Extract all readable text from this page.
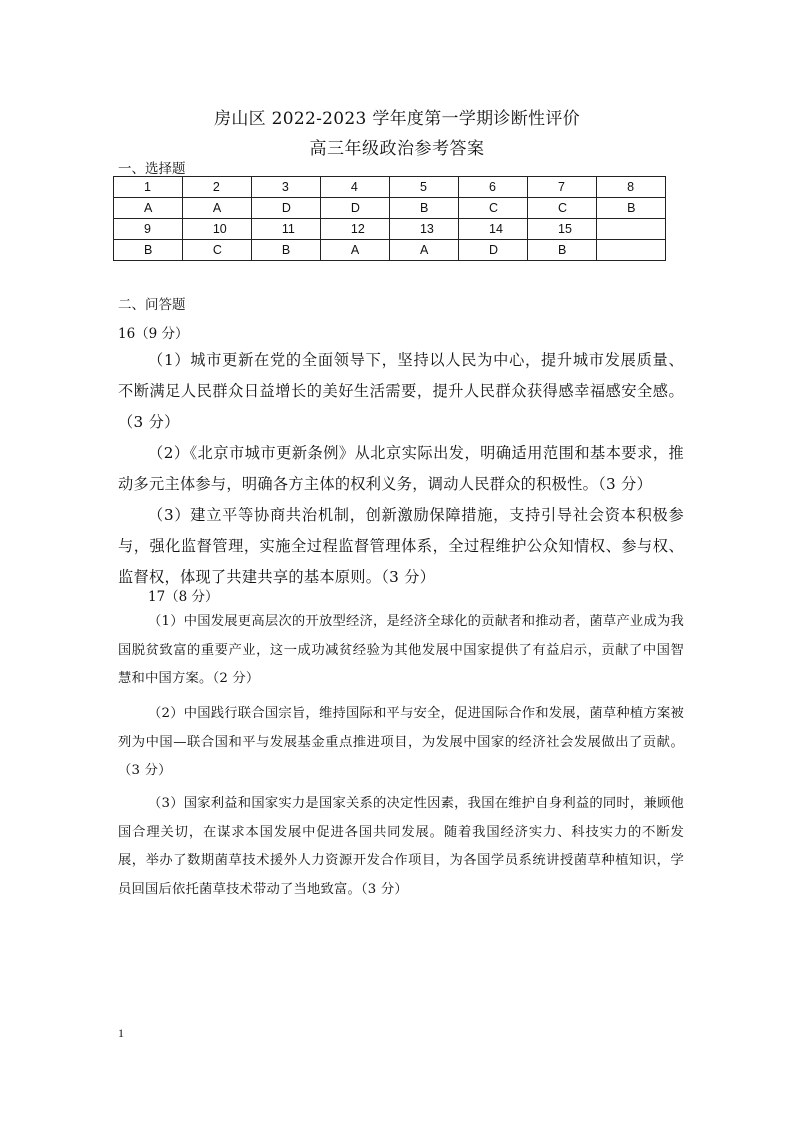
房山区 2022-2023 学年度第一学期诊断性评价
高三年级政治参考答案
一、选择题
1	2	3	4	5	6	7	8
A	A	D	D	B	C	C	B
9	10	11	12	13	14	15	
B	C	B	A	A	D	B	
二、问答题
16（9 分）

（1）城市更新在党的全面领导下，坚持以人民为中心，提升城市发展质量、不断满足人民群众日益增长的美好生活需要，提升人民群众获得感幸福感安全感。（3 分）

（2）《北京市城市更新条例》从北京实际出发，明确适用范围和基本要求，推动多元主体参与，明确各方主体的权利义务，调动人民群众的积极性。（3 分）

（3）建立平等协商共治机制，创新激励保障措施，支持引导社会资本积极参与，强化监督管理，实施全过程监督管理体系，全过程维护公众知情权、参与权、监督权，体现了共建共享的基本原则。（3 分）

17（8 分）

（1）中国发展更高层次的开放型经济，是经济全球化的贡献者和推动者，菌草产业成为我国脱贫致富的重要产业，这一成功减贫经验为其他发展中国家提供了有益启示，贡献了中国智慧和中国方案。（2 分）

（2）中国践行联合国宗旨，维持国际和平与安全，促进国际合作和发展，菌草种植方案被列为中国—联合国和平与发展基金重点推进项目，为发展中国家的经济社会发展做出了贡献。（3 分）

（3）国家利益和国家实力是国家关系的决定性因素，我国在维护自身利益的同时，兼顾他国合理关切，在谋求本国发展中促进各国共同发展。随着我国经济实力、科技实力的不断发展，举办了数期菌草技术援外人力资源开发合作项目，为各国学员系统讲授菌草种植知识，学员回国后依托菌草技术带动了当地致富。（3 分）

1
